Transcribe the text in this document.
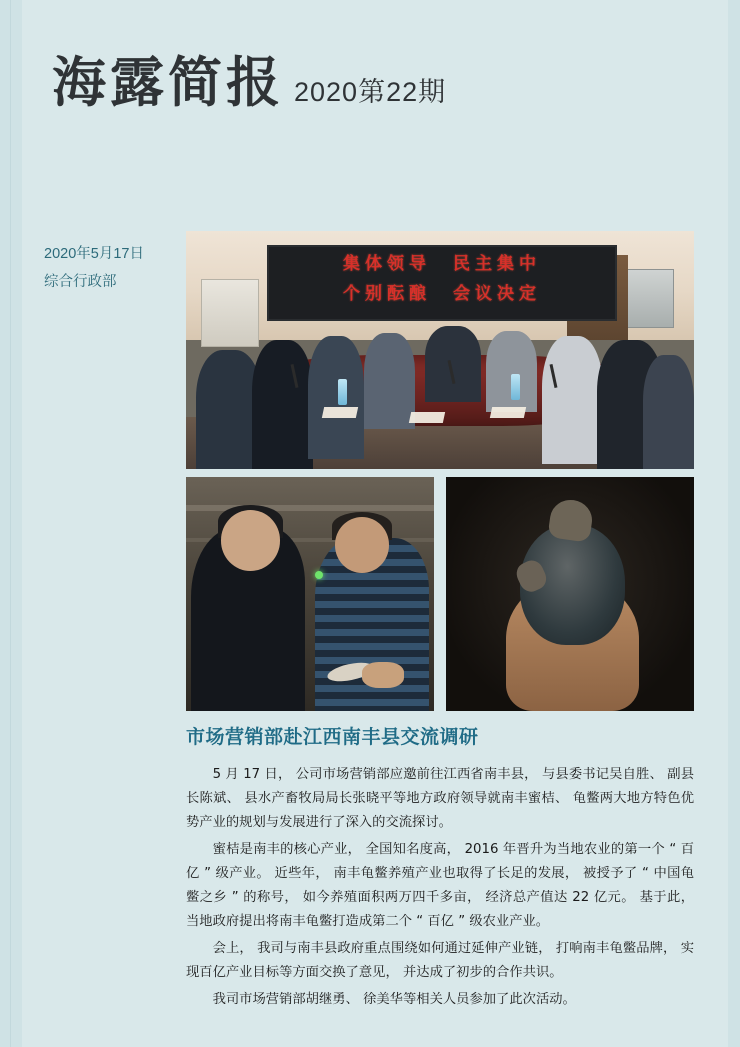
海露简报 2020第22期
2020年5月17日
综合行政部
集体领导　民主集中
个别酝酿　会议决定
市场营销部赴江西南丰县交流调研

5 月 17 日， 公司市场营销部应邀前往江西省南丰县， 与县委书记吴自胜、 副县长陈斌、 县水产畜牧局局长张晓平等地方政府领导就南丰蜜桔、 龟鳖两大地方特色优势产业的规划与发展进行了深入的交流探讨。

蜜桔是南丰的核心产业， 全国知名度高， 2016 年晋升为当地农业的第一个 “ 百亿 ” 级产业。 近些年， 南丰龟鳖养殖产业也取得了长足的发展， 被授予了 “ 中国龟鳖之乡 ” 的称号， 如今养殖面积两万四千多亩， 经济总产值达 22 亿元。 基于此， 当地政府提出将南丰龟鳖打造成第二个 “ 百亿 ” 级农业产业。

会上， 我司与南丰县政府重点围绕如何通过延伸产业链， 打响南丰龟鳖品牌， 实现百亿产业目标等方面交换了意见， 并达成了初步的合作共识。

我司市场营销部胡继勇、 徐美华等相关人员参加了此次活动。
